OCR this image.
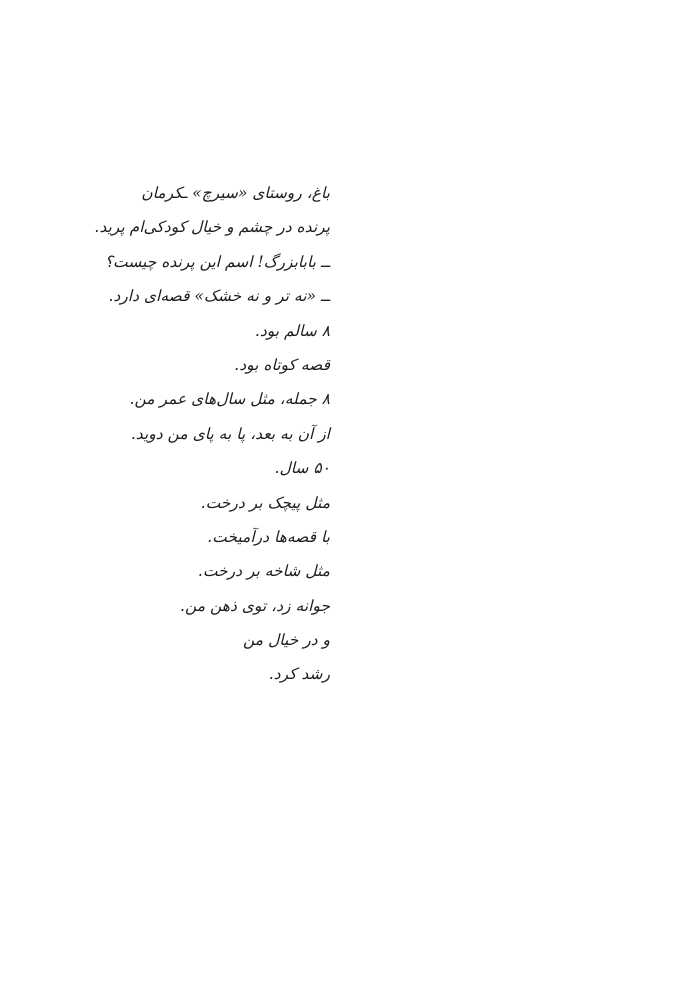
باغ، روستای «سیرچ» ـکرمان
پرنده در چشم و خیال کودکی‌ام پرید.
ــ بابابزرگ! اسم این پرنده چیست؟
ــ «نه تر و نه خشک» قصه‌ای دارد.
۸ سالم بود.
قصه کوتاه بود.
۸ جمله، مثل سال‌های عمر من.
از آن به بعد، پا به پای من دوید.
۵۰ سال.
مثل پیچک بر درخت.
با قصه‌ها درآمیخت.
مثل شاخه بر درخت.
جوانه زد، توی ذهن من.
و در خیال من
رشد کرد.
